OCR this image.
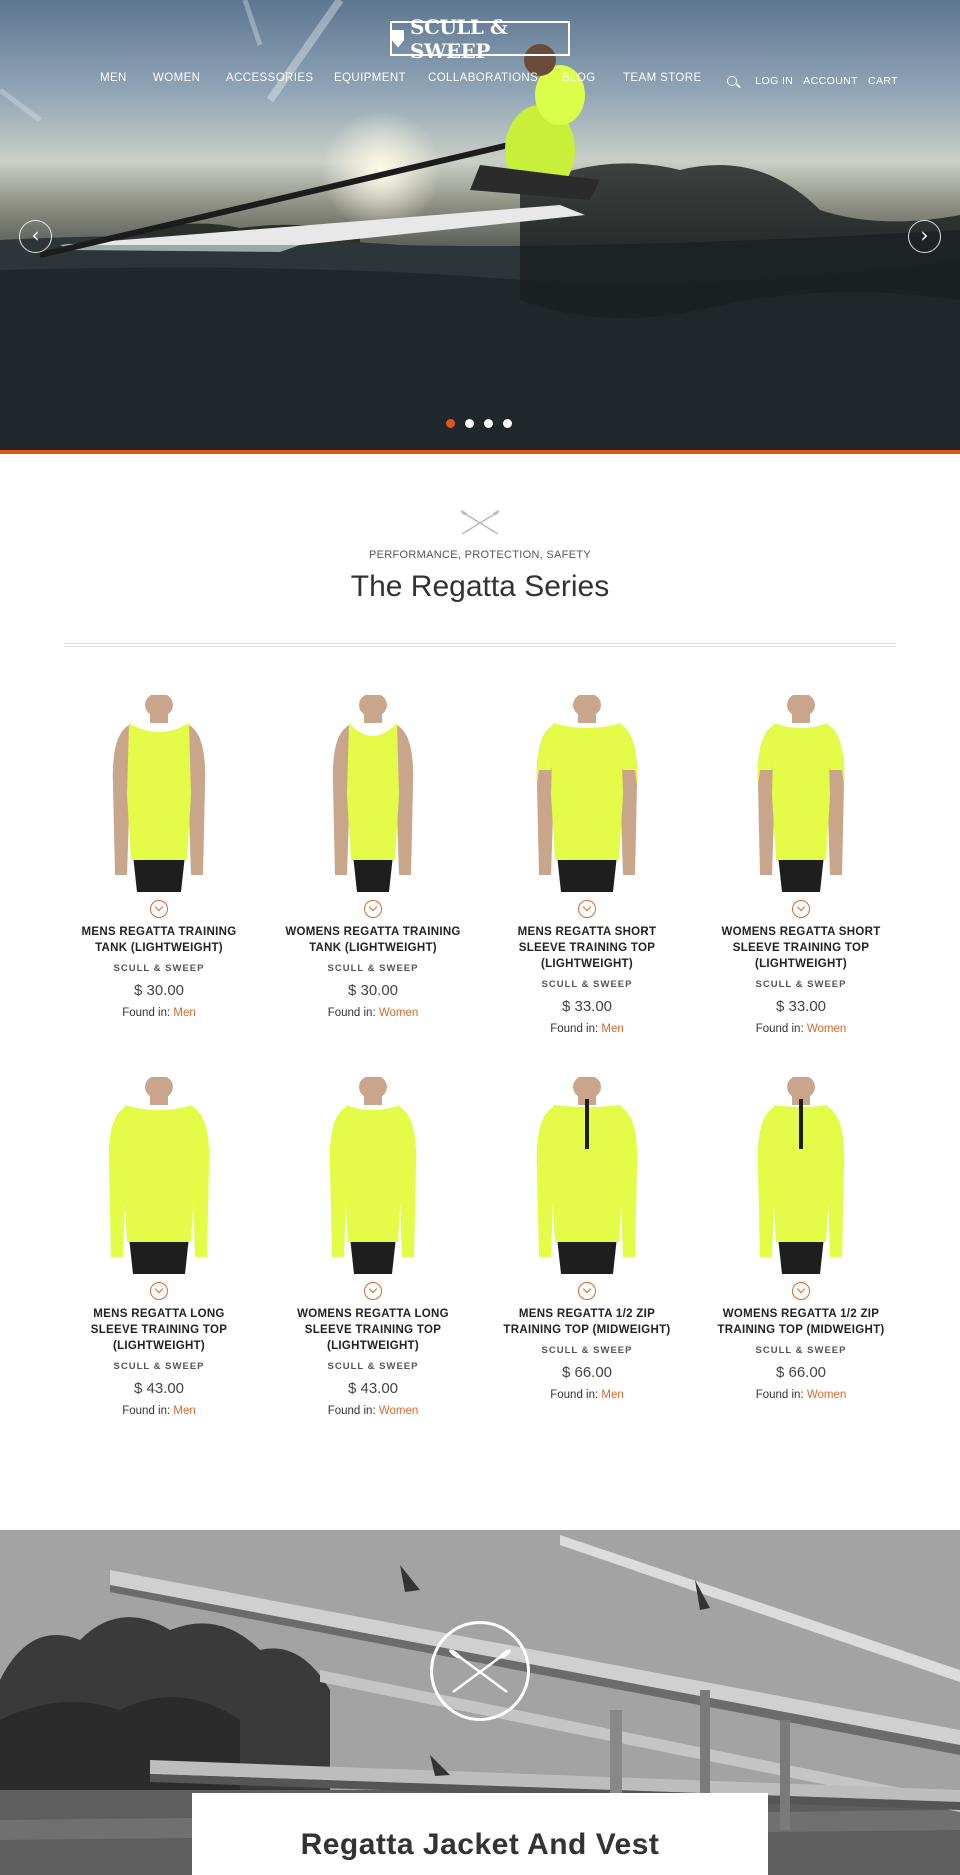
SCULL & SWEEP
MEN WOMEN ACCESSORIES EQUIPMENT COLLABORATIONS BLOG TEAM STORE	LOG IN ACCOUNT CART
‹	›
PERFORMANCE, PROTECTION, SAFETY
The Regatta Series
MENS REGATTA TRAINING TANK (LIGHTWEIGHT)
SCULL & SWEEP
$ 30.00
Found in: Men
WOMENS REGATTA TRAINING TANK (LIGHTWEIGHT)
SCULL & SWEEP
$ 30.00
Found in: Women
MENS REGATTA SHORT SLEEVE TRAINING TOP (LIGHTWEIGHT)
SCULL & SWEEP
$ 33.00
Found in: Men
WOMENS REGATTA SHORT SLEEVE TRAINING TOP (LIGHTWEIGHT)
SCULL & SWEEP
$ 33.00
Found in: Women
MENS REGATTA LONG SLEEVE TRAINING TOP (LIGHTWEIGHT)
SCULL & SWEEP
$ 43.00
Found in: Men
WOMENS REGATTA LONG SLEEVE TRAINING TOP (LIGHTWEIGHT)
SCULL & SWEEP
$ 43.00
Found in: Women
MENS REGATTA 1/2 ZIP TRAINING TOP (MIDWEIGHT)
SCULL & SWEEP
$ 66.00
Found in: Men
WOMENS REGATTA 1/2 ZIP TRAINING TOP (MIDWEIGHT)
SCULL & SWEEP
$ 66.00
Found in: Women
Regatta Jacket And Vest
